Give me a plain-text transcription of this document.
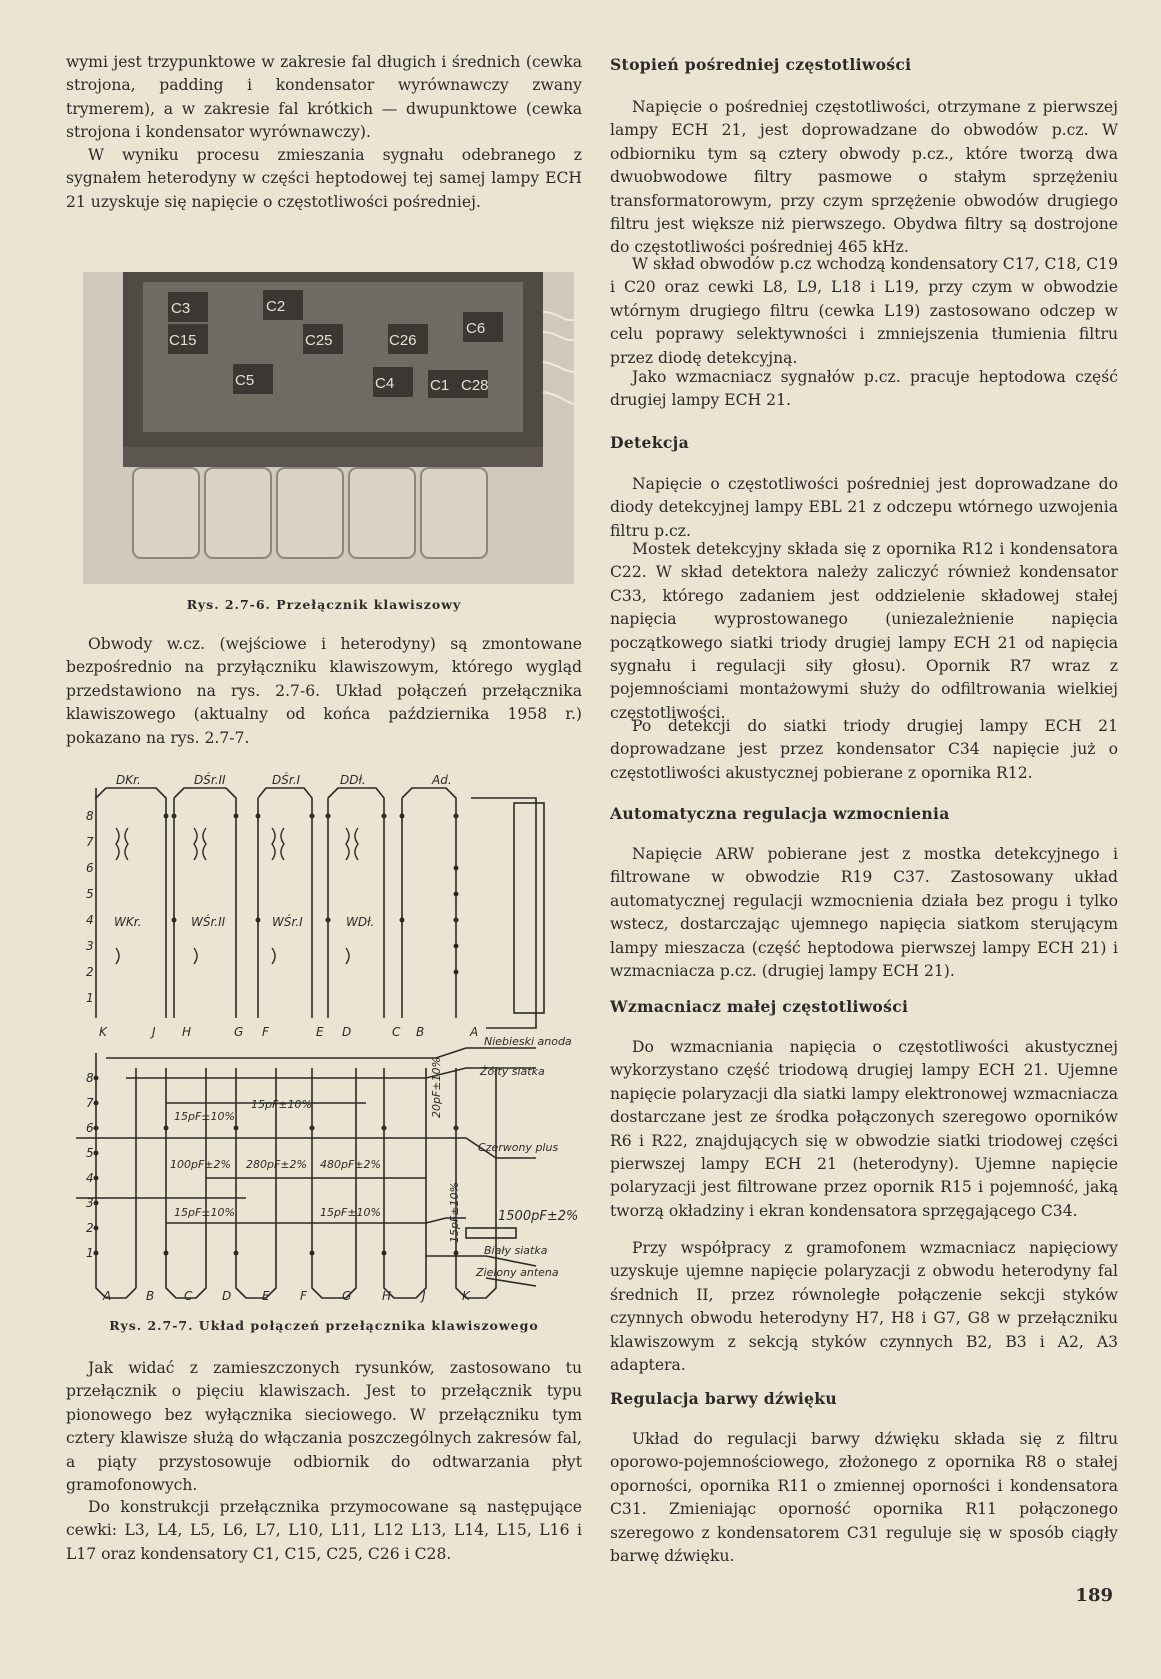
wymi jest trzypunktowe w zakresie fal długich i średnich (cewka strojona, padding i kondensator wyrównawczy zwany trymerem), a w zakresie fal krótkich — dwupunktowe (cewka strojona i kondensator wyrównawczy).

W wyniku procesu zmieszania sygnału odebranego z sygnałem heterodyny w części heptodowej tej samej lampy ECH 21 uzyskuje się napięcie o częstotliwości pośredniej.

C3	C2
C15	C25	C26
C6
C5	C4 C1 C28
Rys. 2.7-6. Przełącznik klawiszowy

Obwody w.cz. (wejściowe i heterodyny) są zmontowane bezpośrednio na przyłączniku klawiszowym, którego wygląd przedstawiono na rys. 2.7-6. Układ połączeń przełącznika klawiszowego (aktualny od końca października 1958 r.) pokazano na rys. 2.7-7.

DKr.	DŚr.II	DŚr.I	DDł.	Ad.
WKr.	WŚr.II	WŚr.I	WDł.
8
7
6
5
4
3
2
1
K	J H	G F	E D	C B	A
8
7
6
5
4
3
2
1
15pF±10%
15pF±10%
100pF±2% 280pF±2% 480pF±2%
15pF±10%	15pF±10%
20pF±10%
15pF±10%	1500pF±2%
Niebieski anoda
Żółty siatka
Czerwony plus
Biały siatka
Zielony antena
A	B C D	E	F	G	H	J	K
Rys. 2.7-7. Układ połączeń przełącznika klawiszowego

Jak widać z zamieszczonych rysunków, zastosowano tu przełącznik o pięciu klawiszach. Jest to przełącznik typu pionowego bez wyłącznika sieciowego. W przełączniku tym cztery klawisze służą do włączania poszczególnych zakresów fal, a piąty przystosowuje odbiornik do odtwarzania płyt gramofonowych.

Do konstrukcji przełącznika przymocowane są następujące cewki: L3, L4, L5, L6, L7, L10, L11, L12 L13, L14, L15, L16 i L17 oraz kondensatory C1, C15, C25, C26 i C28.

Stopień pośredniej częstotliwości

Napięcie o pośredniej częstotliwości, otrzymane z pierwszej lampy ECH 21, jest doprowadzane do obwodów p.cz. W odbiorniku tym są cztery obwody p.cz., które tworzą dwa dwuobwodowe filtry pasmowe o stałym sprzężeniu transformatorowym, przy czym sprzężenie obwodów drugiego filtru jest większe niż pierwszego. Obydwa filtry są dostrojone do częstotliwości pośredniej 465 kHz.

W skład obwodów p.cz wchodzą kondensatory C17, C18, C19 i C20 oraz cewki L8, L9, L18 i L19, przy czym w obwodzie wtórnym drugiego filtru (cewka L19) zastosowano odczep w celu poprawy selektywności i zmniejszenia tłumienia filtru przez diodę detekcyjną.

Jako wzmacniacz sygnałów p.cz. pracuje heptodowa część drugiej lampy ECH 21.

Detekcja

Napięcie o częstotliwości pośredniej jest doprowadzane do diody detekcyjnej lampy EBL 21 z odczepu wtórnego uzwojenia filtru p.cz.

Mostek detekcyjny składa się z opornika R12 i kondensatora C22. W skład detektora należy zaliczyć również kondensator C33, którego zadaniem jest oddzielenie składowej stałej napięcia wyprostowanego (uniezależnienie napięcia początkowego siatki triody drugiej lampy ECH 21 od napięcia sygnału i regulacji siły głosu). Opornik R7 wraz z pojemnościami montażowymi służy do odfiltrowania wielkiej częstotliwości.

Po detekcji do siatki triody drugiej lampy ECH 21 doprowadzane jest przez kondensator C34 napięcie już o częstotliwości akustycznej pobierane z opornika R12.

Automatyczna regulacja wzmocnienia

Napięcie ARW pobierane jest z mostka detekcyjnego i filtrowane w obwodzie R19 C37. Zastosowany układ automatycznej regulacji wzmocnienia działa bez progu i tylko wstecz, dostarczając ujemnego napięcia siatkom sterującym lampy mieszacza (część heptodowa pierwszej lampy ECH 21) i wzmacniacza p.cz. (drugiej lampy ECH 21).

Wzmacniacz małej częstotliwości

Do wzmacniania napięcia o częstotliwości akustycznej wykorzystano część triodową drugiej lampy ECH 21. Ujemne napięcie polaryzacji dla siatki lampy elektronowej wzmacniacza dostarczane jest ze środka połączonych szeregowo oporników R6 i R22, znajdujących się w obwodzie siatki triodowej części pierwszej lampy ECH 21 (heterodyny). Ujemne napięcie polaryzacji jest filtrowane przez opornik R15 i pojemność, jaką tworzą okładziny i ekran kondensatora sprzęgającego C34.

Przy współpracy z gramofonem wzmacniacz napięciowy uzyskuje ujemne napięcie polaryzacji z obwodu heterodyny fal średnich II, przez równoległe połączenie sekcji styków czynnych obwodu heterodyny H7, H8 i G7, G8 w przełączniku klawiszowym z sekcją styków czynnych B2, B3 i A2, A3 adaptera.

Regulacja barwy dźwięku

Układ do regulacji barwy dźwięku składa się z filtru oporowo-pojemnościowego, złożonego z opornika R8 o stałej oporności, opornika R11 o zmiennej oporności i kondensatora C31. Zmieniając oporność opornika R11 połączonego szeregowo z kondensatorem C31 reguluje się w sposób ciągły barwę dźwięku.

189
